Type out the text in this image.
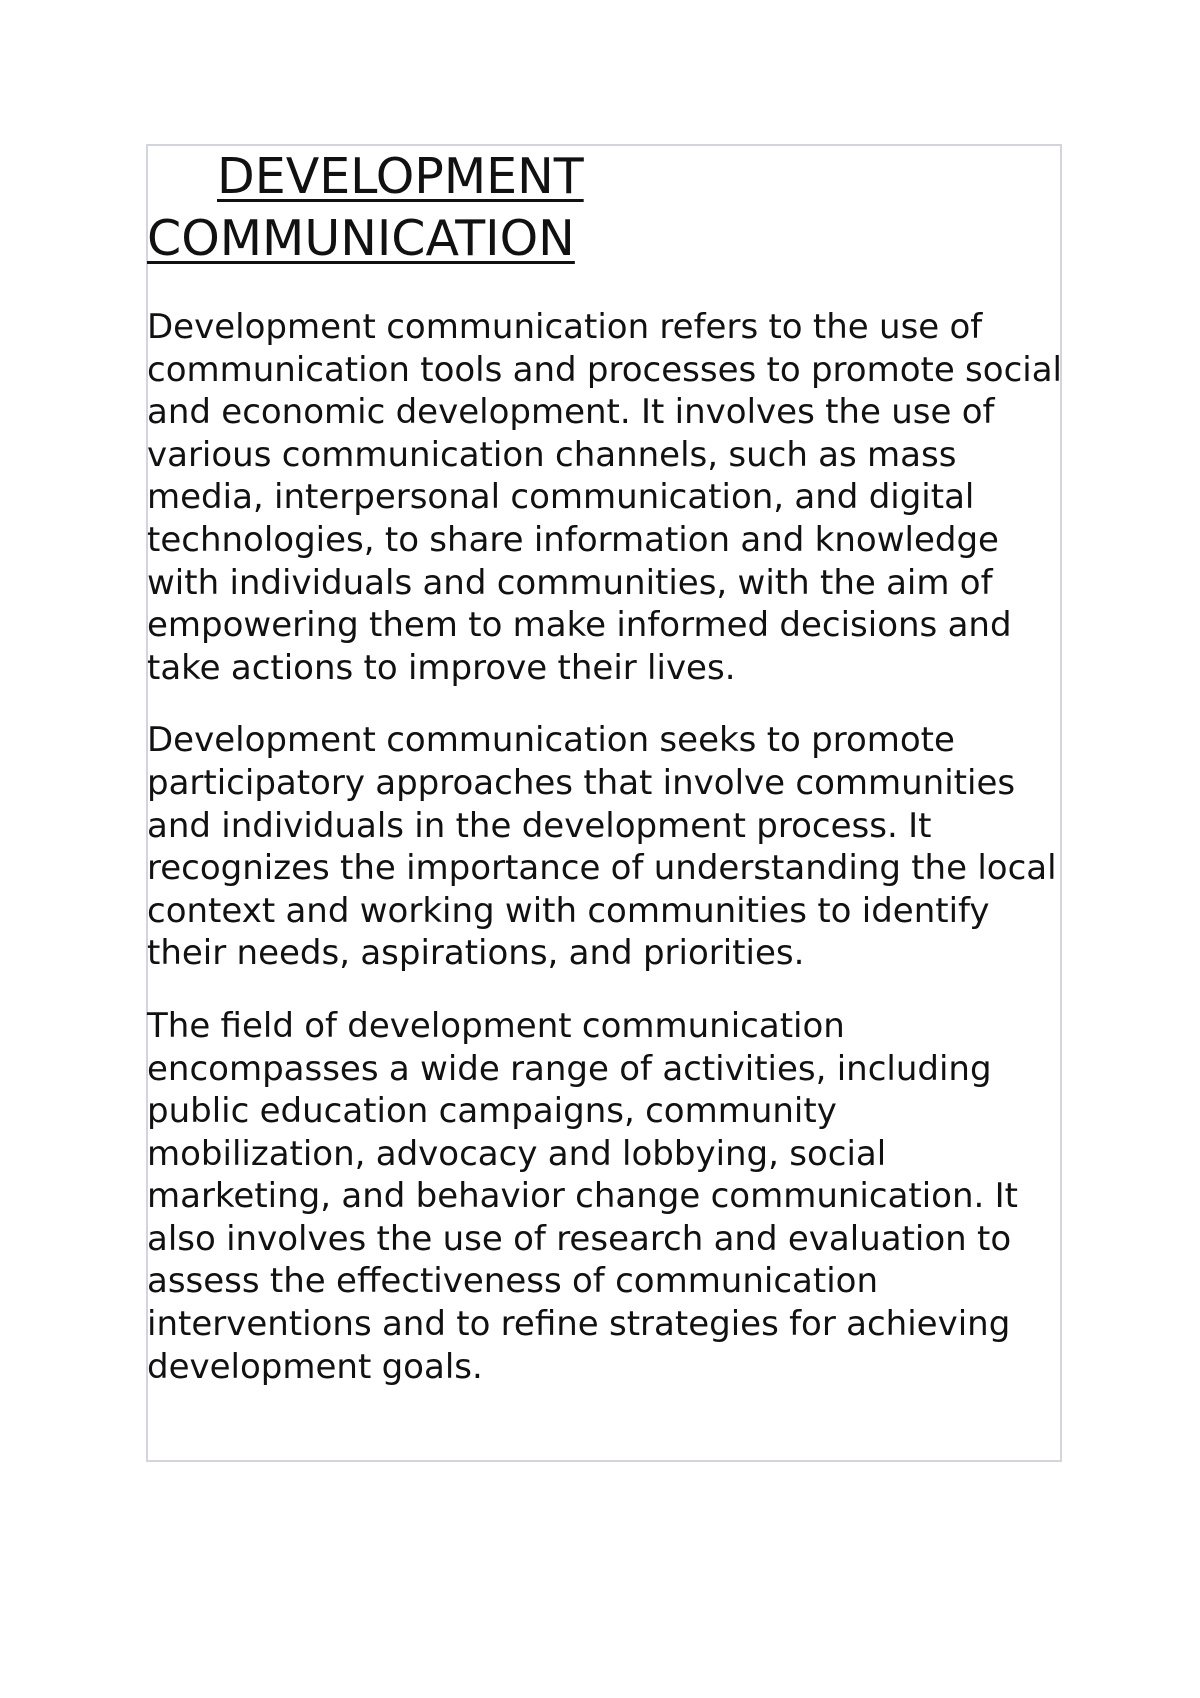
DEVELOPMENT
COMMUNICATION

Development communication refers to the use of communication tools and processes to promote social and economic development. It involves the use of various communication channels, such as mass media, interpersonal communication, and digital technologies, to share information and knowledge with individuals and communities, with the aim of empowering them to make informed decisions and take actions to improve their lives.

Development communication seeks to promote participatory approaches that involve communities and individuals in the development process. It recognizes the importance of understanding the local context and working with communities to identify their needs, aspirations, and priorities.

The field of development communication encompasses a wide range of activities, including public education campaigns, community mobilization, advocacy and lobbying, social marketing, and behavior change communication. It also involves the use of research and evaluation to assess the effectiveness of communication interventions and to refine strategies for achieving development goals.
